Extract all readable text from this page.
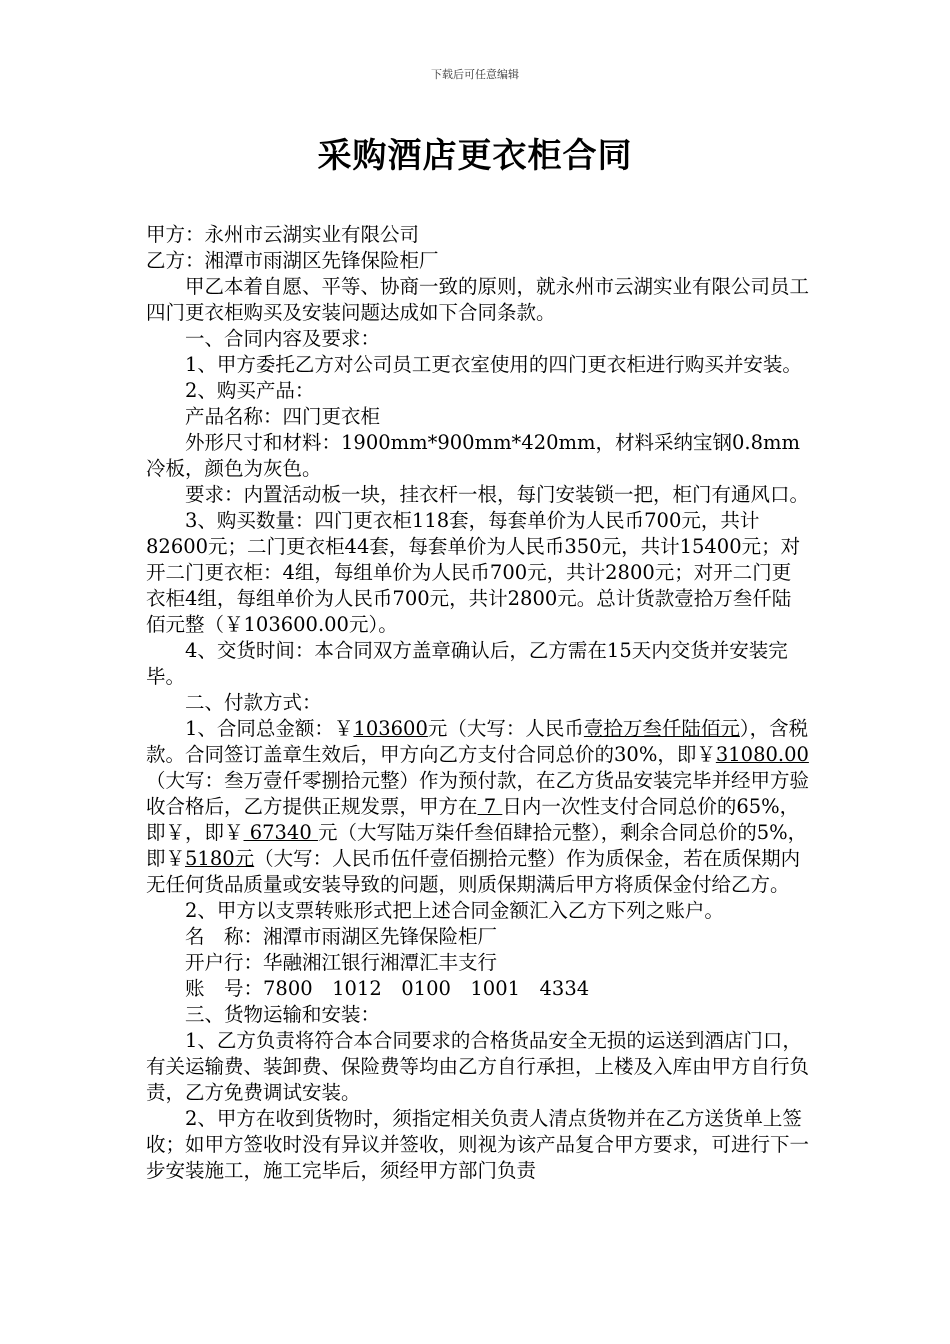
下载后可任意编辑
采购酒店更衣柜合同

甲方：永州市云湖实业有限公司

乙方：湘潭市雨湖区先锋保险柜厂

甲乙本着自愿、平等、协商一致的原则，就永州市云湖实业有限公司员工四门更衣柜购买及安装问题达成如下合同条款。

一、合同内容及要求：

1、甲方委托乙方对公司员工更衣室使用的四门更衣柜进行购买并安装。

2、购买产品：

产品名称：四门更衣柜

外形尺寸和材料：1900mm*900mm*420mm，材料采纳宝钢0.8mm冷板，颜色为灰色。

要求：内置活动板一块，挂衣杆一根，每门安装锁一把，柜门有通风口。

3、购买数量：四门更衣柜118套，每套单价为人民币700元，共计82600元；二门更衣柜44套，每套单价为人民币350元，共计15400元；对开二门更衣柜：4组，每组单价为人民币700元，共计2800元；对开二门更衣柜4组，每组单价为人民币700元，共计2800元。总计货款壹拾万叁仟陆佰元整（￥103600.00元）。

4、交货时间：本合同双方盖章确认后，乙方需在15天内交货并安装完毕。

二、付款方式：

1、合同总金额：￥103600元（大写：人民币壹拾万叁仟陆佰元），含税款。合同签订盖章生效后，甲方向乙方支付合同总价的30%，即￥31080.00（大写：叁万壹仟零捌拾元整）作为预付款，在乙方货品安装完毕并经甲方验收合格后，乙方提供正规发票，甲方在 7 日内一次性支付合同总价的65%，即￥，即￥ 67340 元（大写陆万柒仟叁佰肆拾元整），剩余合同总价的5%，即￥5180元（大写：人民币伍仟壹佰捌拾元整）作为质保金，若在质保期内无任何货品质量或安装导致的问题，则质保期满后甲方将质保金付给乙方。

2、甲方以支票转账形式把上述合同金额汇入乙方下列之账户。

名　称：湘潭市雨湖区先锋保险柜厂

开户行：华融湘江银行湘潭汇丰支行

账　号：7800　1012　0100　1001　4334

三、货物运输和安装：

1、乙方负责将符合本合同要求的合格货品安全无损的运送到酒店门口，有关运输费、装卸费、保险费等均由乙方自行承担，上楼及入库由甲方自行负责，乙方免费调试安装。

2、甲方在收到货物时，须指定相关负责人清点货物并在乙方送货单上签收；如甲方签收时没有异议并签收，则视为该产品复合甲方要求，可进行下一步安装施工，施工完毕后，须经甲方部门负责
